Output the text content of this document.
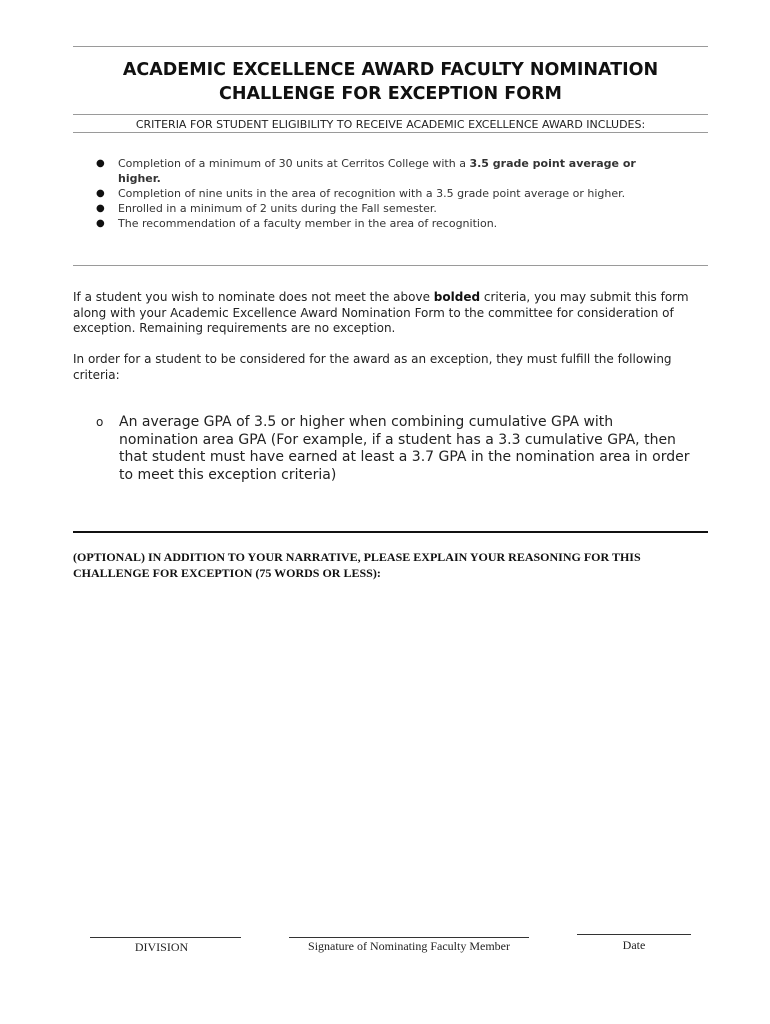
ACADEMIC EXCELLENCE AWARD FACULTY NOMINATION
CHALLENGE FOR EXCEPTION FORM
CRITERIA FOR STUDENT ELIGIBILITY TO RECEIVE ACADEMIC EXCELLENCE AWARD INCLUDES:
● Completion of a minimum of 30 units at Cerritos College with a 3.5 grade point average or higher.
● Completion of nine units in the area of recognition with a 3.5 grade point average or higher.
● Enrolled in a minimum of 2 units during the Fall semester.
● The recommendation of a faculty member in the area of recognition.
If a student you wish to nominate does not meet the above bolded criteria, you may submit this form along with your Academic Excellence Award Nomination Form to the committee for consideration of exception. Remaining requirements are no exception.
In order for a student to be considered for the award as an exception, they must fulfill the following criteria:
o	An average GPA of 3.5 or higher when combining cumulative GPA with nomination area GPA (For example, if a student has a 3.3 cumulative GPA, then that student must have earned at least a 3.7 GPA in the nomination area in order to meet this exception criteria)
(OPTIONAL) IN ADDITION TO YOUR NARRATIVE, PLEASE EXPLAIN YOUR REASONING FOR THIS CHALLENGE FOR EXCEPTION (75 WORDS OR LESS):
DIVISION	Signature of Nominating Faculty Member	Date
